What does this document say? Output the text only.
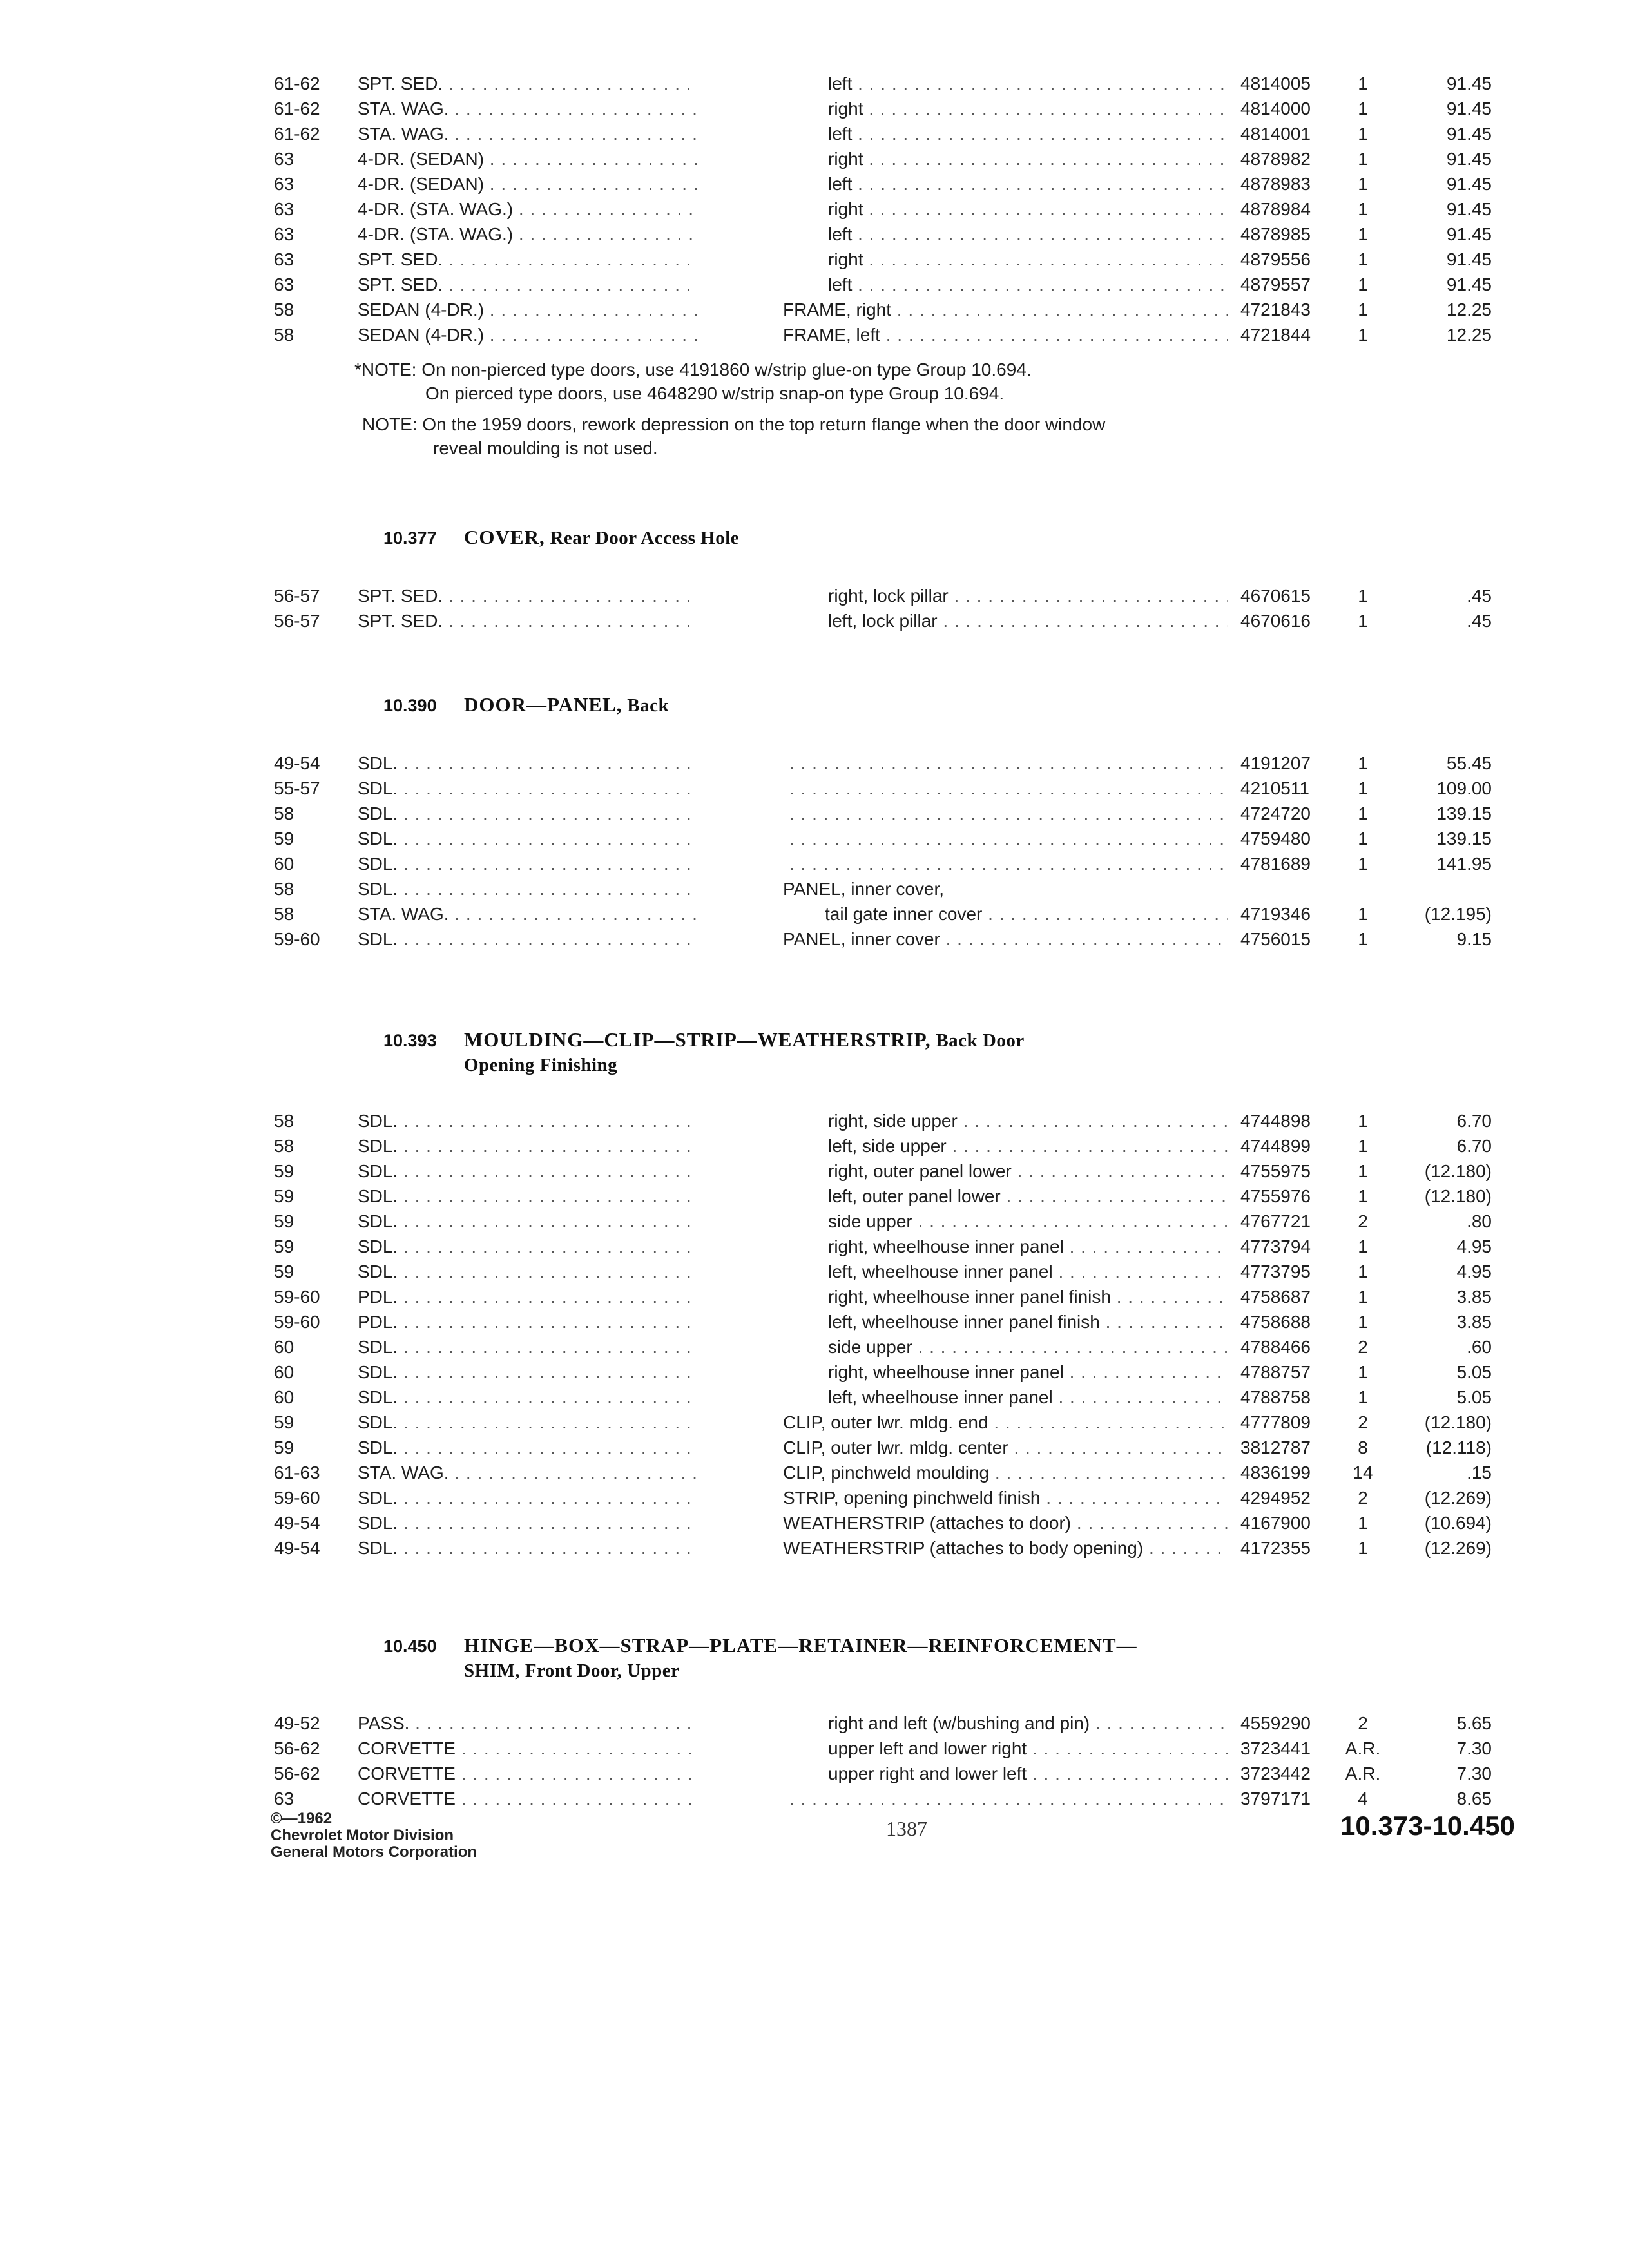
61-62	SPT. SED. . . .	left . . .	4814005	1	91.45
61-62	STA. WAG. . . .	right . . .	4814000	1	91.45
61-62	STA. WAG. . . .	left . . .	4814001	1	91.45
63	4-DR. (SEDAN) . . .	right . . .	4878982	1	91.45
63	4-DR. (SEDAN) . . .	left . . .	4878983	1	91.45
63	4-DR. (STA. WAG.) . . .	right . . .	4878984	1	91.45
63	4-DR. (STA. WAG.) . . .	left . . .	4878985	1	91.45
63	SPT. SED. . . .	right . . .	4879556	1	91.45
63	SPT. SED. . . .	left . . .	4879557	1	91.45
58	SEDAN (4-DR.) . . .	FRAME, right . . .	4721843	1	12.25
58	SEDAN (4-DR.) . . .	FRAME, left . . .	4721844	1	12.25
*NOTE: On non-pierced type doors, use 4191860 w/strip glue-on type Group 10.694.
On pierced type doors, use 4648290 w/strip snap-on type Group 10.694.
NOTE: On the 1959 doors, rework depression on the top return flange when the door window
reveal moulding is not used.
10.377 COVER, Rear Door Access Hole
56-57	SPT. SED. . . .	right, lock pillar . . .	4670615	1	.45
56-57	SPT. SED. . . .	left, lock pillar . . .	4670616	1	.45
10.390 DOOR—PANEL, Back
49-54	SDL. . . . . . .	4191207	1	55.45
55-57	SDL. . . . . . .	4210511	1	109.00
58	SDL. . . . . . .	4724720	1	139.15
59	SDL. . . . . . .	4759480	1	139.15
60	SDL. . . . . . .	4781689	1	141.95
58	SDL. . . .	PANEL, inner cover,
58	STA. WAG. . . .	tail gate inner cover . . .	4719346	1	(12.195)
59-60	SDL. . . .	PANEL, inner cover . . .	4756015	1	9.15
10.393 MOULDING—CLIP—STRIP—WEATHERSTRIP, Back Door
Opening Finishing
58	SDL. . . .	right, side upper . . .	4744898	1	6.70
58	SDL. . . .	left, side upper . . .	4744899	1	6.70
59	SDL. . . .	right, outer panel lower . . .	4755975	1	(12.180)
59	SDL. . . .	left, outer panel lower . . .	4755976	1	(12.180)
59	SDL. . . .	side upper . . .	4767721	2	.80
59	SDL. . . .	right, wheelhouse inner panel . . .	4773794	1	4.95
59	SDL. . . .	left, wheelhouse inner panel . . .	4773795	1	4.95
59-60	PDL. . . .	right, wheelhouse inner panel finish . . .	4758687	1	3.85
59-60	PDL. . . .	left, wheelhouse inner panel finish . . .	4758688	1	3.85
60	SDL. . . .	side upper . . .	4788466	2	.60
60	SDL. . . .	right, wheelhouse inner panel . . .	4788757	1	5.05
60	SDL. . . .	left, wheelhouse inner panel . . .	4788758	1	5.05
59	SDL. . . .	CLIP, outer lwr. mldg. end . . .	4777809	2	(12.180)
59	SDL. . . .	CLIP, outer lwr. mldg. center . . .	3812787	8	(12.118)
61-63	STA. WAG. . . .	CLIP, pinchweld moulding . . .	4836199	14	.15
59-60	SDL. . . .	STRIP, opening pinchweld finish . . .	4294952	2	(12.269)
49-54	SDL. . . .	WEATHERSTRIP (attaches to door) . . .	4167900	1	(10.694)
49-54	SDL. . . .	WEATHERSTRIP (attaches to body opening) . . .	4172355	1	(12.269)
10.450 HINGE—BOX—STRAP—PLATE—RETAINER—REINFORCEMENT—
SHIM, Front Door, Upper
49-52	PASS. . . .	right and left (w/bushing and pin) . . .	4559290	2	5.65
56-62	CORVETTE . . .	upper left and lower right . . .	3723441	A.R.	7.30
56-62	CORVETTE . . .	upper right and lower left . . .	3723442	A.R.	7.30
63	CORVETTE . . . . . .	3797171	4	8.65
©—1962
Chevrolet Motor Division
General Motors Corporation
1387	10.373-10.450
